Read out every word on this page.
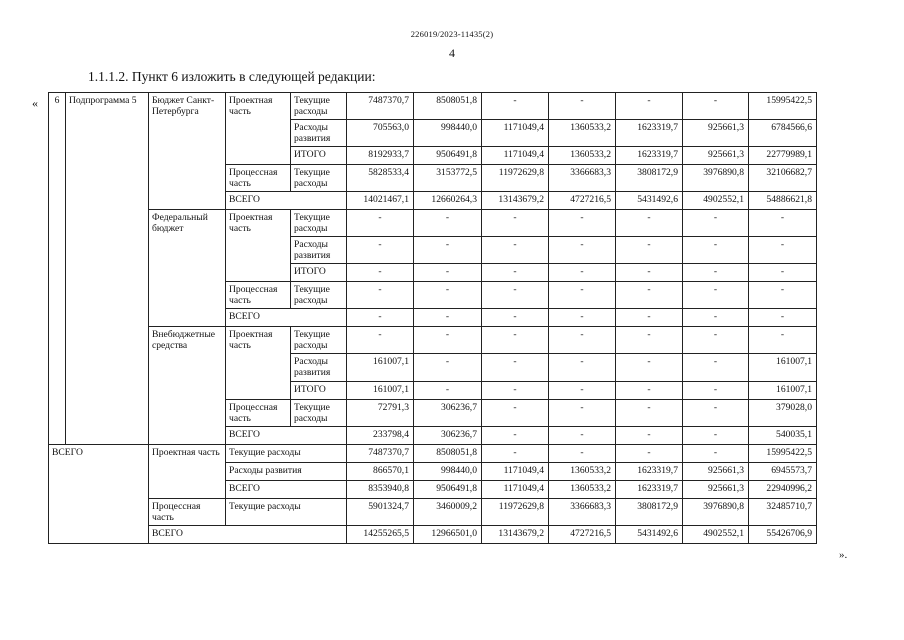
226019/2023-11435(2)
4
1.1.1.2. Пункт 6 изложить в следующей редакции:
«
».
6	Подпрограмма 5	Бюджет Санкт-Петербурга	Проектная часть	Текущие расходы	7487370,7	8508051,8	-	-	-	-	15995422,5
				Расходы развития	705563,0	998440,0	1171049,4	1360533,2	1623319,7	925661,3	6784566,6
				ИТОГО	8192933,7	9506491,8	1171049,4	1360533,2	1623319,7	925661,3	22779989,1
			Процессная часть	Текущие расходы	5828533,4	3153772,5	11972629,8	3366683,3	3808172,9	3976890,8	32106682,7
			ВСЕГО		14021467,1	12660264,3	13143679,2	4727216,5	5431492,6	4902552,1	54886621,8
		Федеральный бюджет	Проектная часть	Текущие расходы	-	-	-	-	-	-	-
				Расходы развития	-	-	-	-	-	-	-
				ИТОГО	-	-	-	-	-	-	-
			Процессная часть	Текущие расходы	-	-	-	-	-	-	-
			ВСЕГО		-	-	-	-	-	-	-
		Внебюджетные средства	Проектная часть	Текущие расходы	-	-	-	-	-	-	-
				Расходы развития	161007,1	-	-	-	-	-	161007,1
				ИТОГО	161007,1	-	-	-	-	-	161007,1
			Процессная часть	Текущие расходы	72791,3	306236,7	-	-	-	-	379028,0
			ВСЕГО		233798,4	306236,7	-	-	-	-	540035,1
ВСЕГО		Проектная часть	Текущие расходы		7487370,7	8508051,8	-	-	-	-	15995422,5
			Расходы развития		866570,1	998440,0	1171049,4	1360533,2	1623319,7	925661,3	6945573,7
			ВСЕГО		8353940,8	9506491,8	1171049,4	1360533,2	1623319,7	925661,3	22940996,2
		Процессная часть	Текущие расходы		5901324,7	3460009,2	11972629,8	3366683,3	3808172,9	3976890,8	32485710,7
		ВСЕГО			14255265,5	12966501,0	13143679,2	4727216,5	5431492,6	4902552,1	55426706,9
